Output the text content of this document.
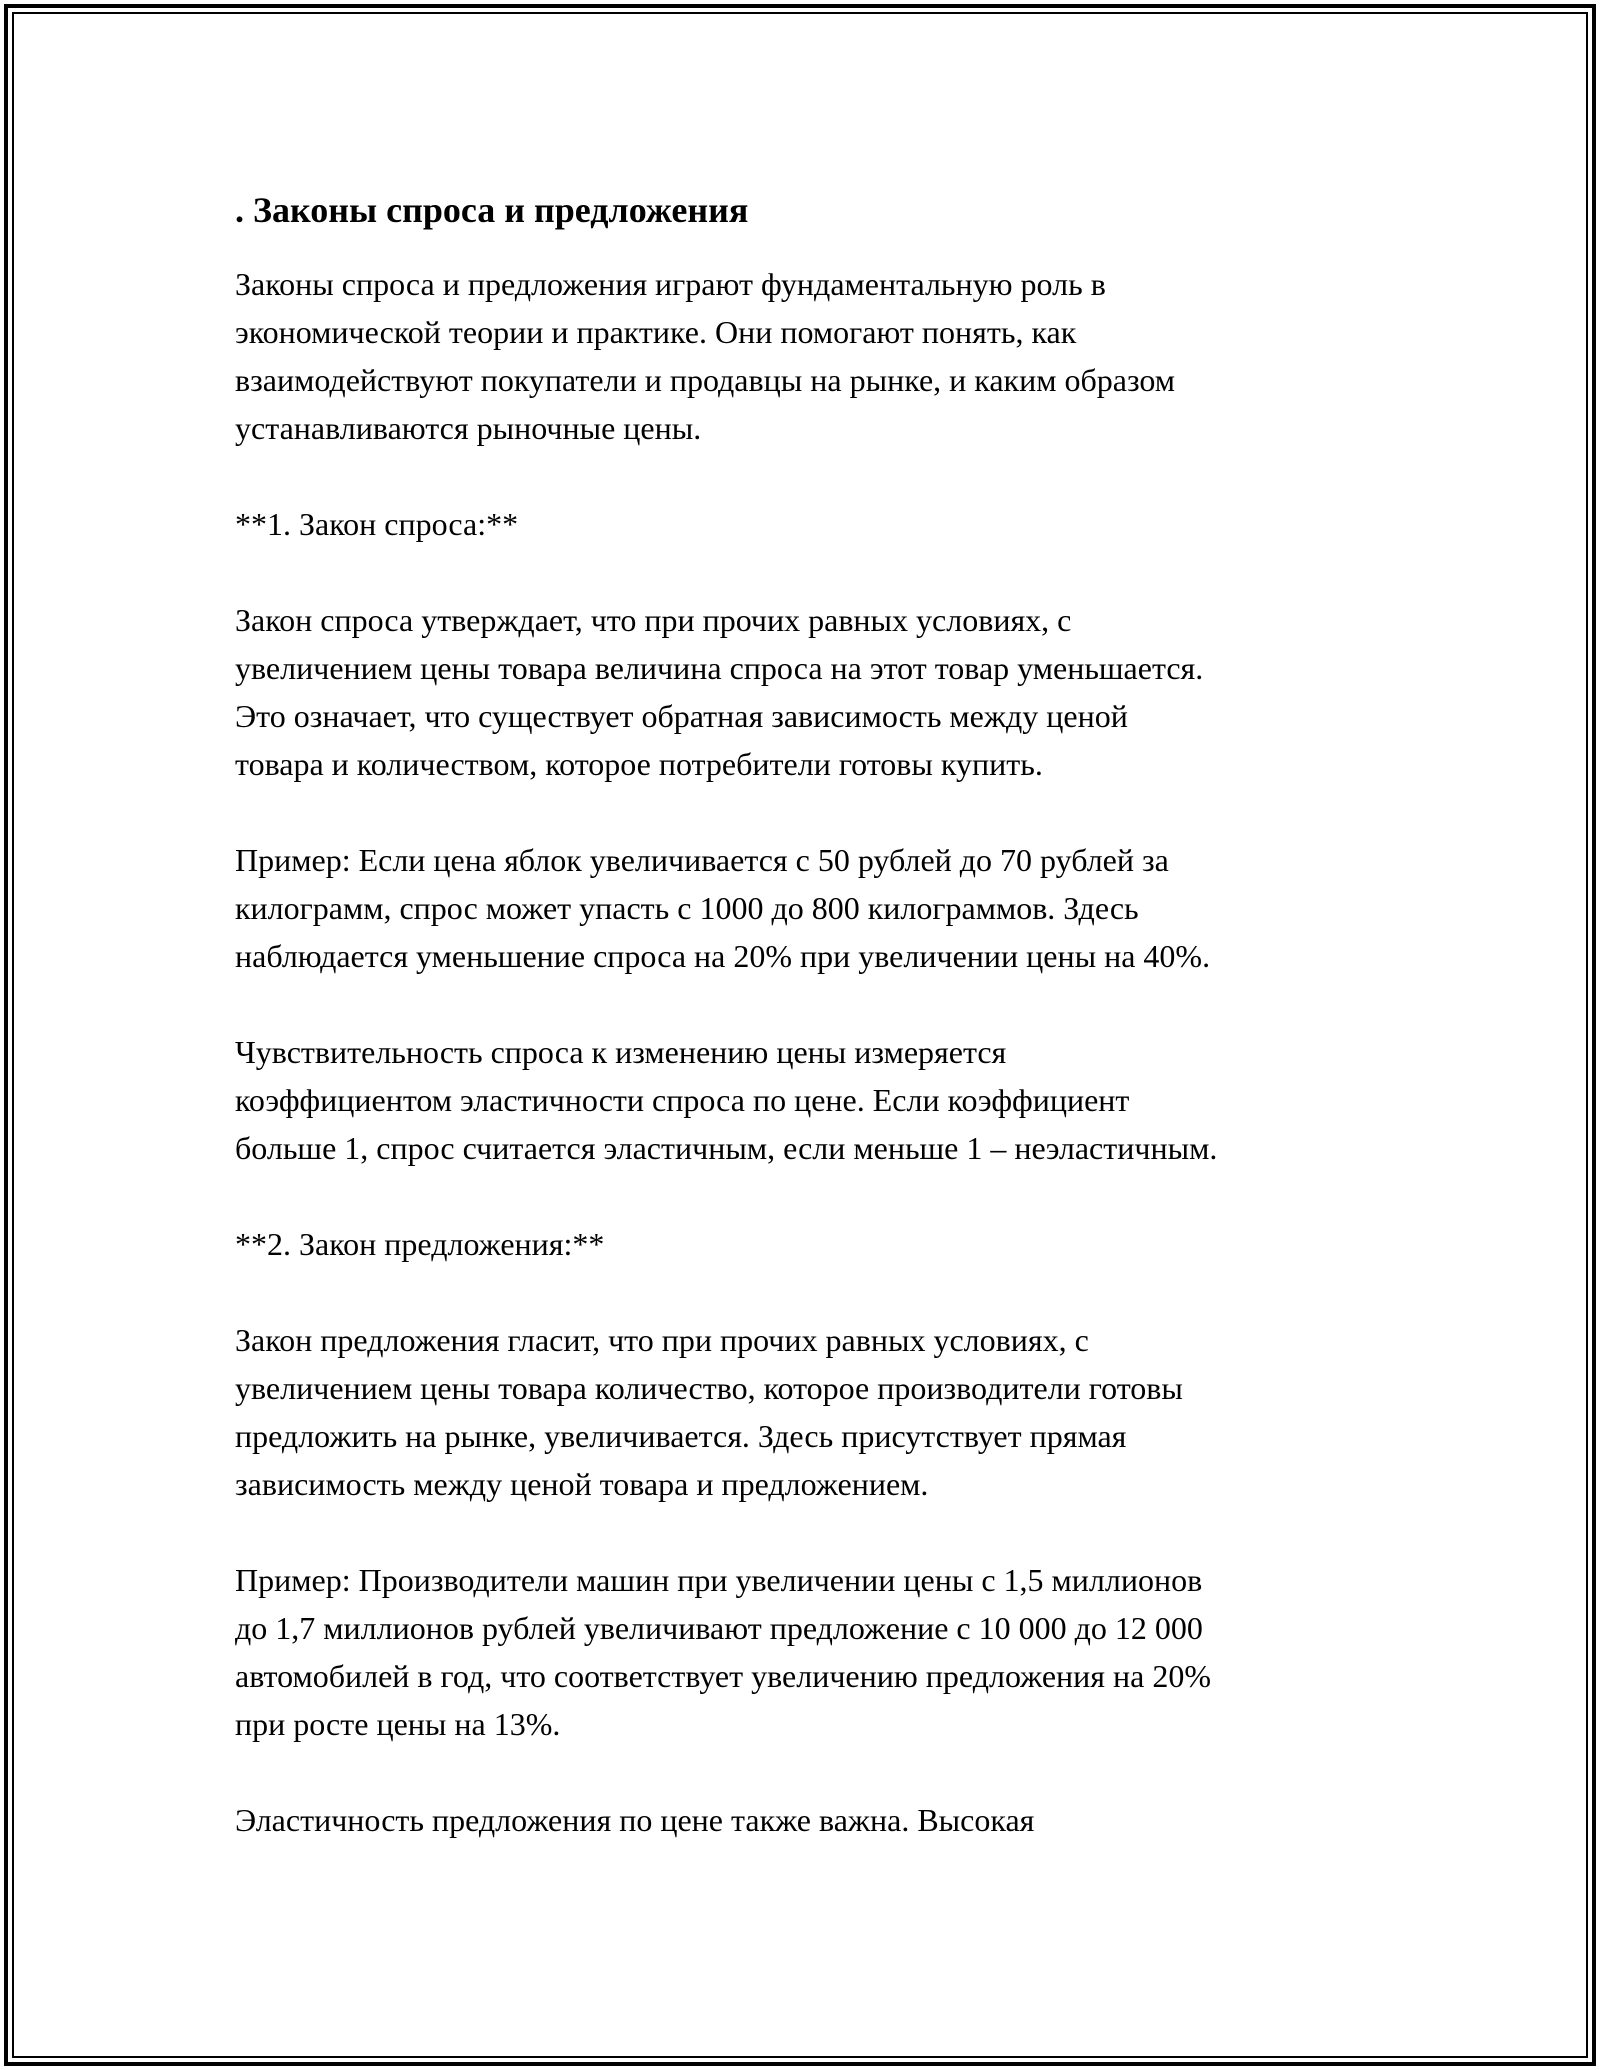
. Законы спроса и предложения

Законы спроса и предложения играют фундаментальную роль в
экономической теории и практике. Они помогают понять, как
взаимодействуют покупатели и продавцы на рынке, и каким образом
устанавливаются рыночные цены.

**1. Закон спроса:**

Закон спроса утверждает, что при прочих равных условиях, с
увеличением цены товара величина спроса на этот товар уменьшается.
Это означает, что существует обратная зависимость между ценой
товара и количеством, которое потребители готовы купить.

Пример: Если цена яблок увеличивается с 50 рублей до 70 рублей за
килограмм, спрос может упасть с 1000 до 800 килограммов. Здесь
наблюдается уменьшение спроса на 20% при увеличении цены на 40%.

Чувствительность спроса к изменению цены измеряется
коэффициентом эластичности спроса по цене. Если коэффициент
больше 1, спрос считается эластичным, если меньше 1 – неэластичным.

**2. Закон предложения:**

Закон предложения гласит, что при прочих равных условиях, с
увеличением цены товара количество, которое производители готовы
предложить на рынке, увеличивается. Здесь присутствует прямая
зависимость между ценой товара и предложением.

Пример: Производители машин при увеличении цены с 1,5 миллионов
до 1,7 миллионов рублей увеличивают предложение с 10 000 до 12 000
автомобилей в год, что соответствует увеличению предложения на 20%
при росте цены на 13%.

Эластичность предложения по цене также важна. Высокая
